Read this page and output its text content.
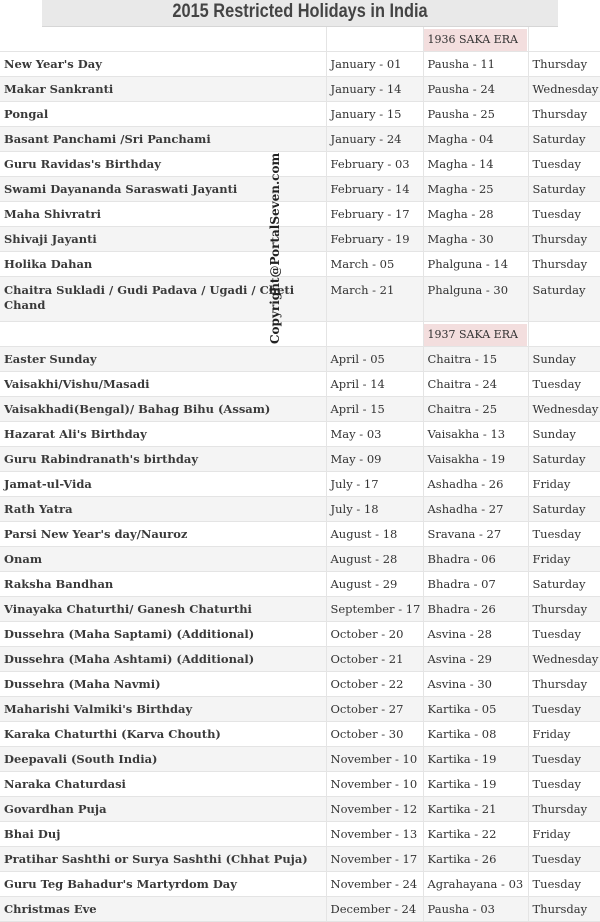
2015 Restricted Holidays in India
		1936 SAKA ERA	
New Year's Day	January - 01	Pausha - 11	Thursday
Makar Sankranti	January - 14	Pausha - 24	Wednesday
Pongal	January - 15	Pausha - 25	Thursday
Basant Panchami /Sri Panchami	January - 24	Magha - 04	Saturday
Guru Ravidas's Birthday	February - 03	Magha - 14	Tuesday
Swami Dayananda Saraswati Jayanti	February - 14	Magha - 25	Saturday
Maha Shivratri	February - 17	Magha - 28	Tuesday
Shivaji Jayanti	February - 19	Magha - 30	Thursday
Holika Dahan	March - 05	Phalguna - 14	Thursday
Chaitra Sukladi / Gudi Padava / Ugadi / Cheti Chand	March - 21	Phalguna - 30	Saturday
		1937 SAKA ERA	
Easter Sunday	April - 05	Chaitra - 15	Sunday
Vaisakhi/Vishu/Masadi	April - 14	Chaitra - 24	Tuesday
Vaisakhadi(Bengal)/ Bahag Bihu (Assam)	April - 15	Chaitra - 25	Wednesday
Hazarat Ali's Birthday	May - 03	Vaisakha - 13	Sunday
Guru Rabindranath's birthday	May - 09	Vaisakha - 19	Saturday
Jamat-ul-Vida	July - 17	Ashadha - 26	Friday
Rath Yatra	July - 18	Ashadha - 27	Saturday
Parsi New Year's day/Nauroz	August - 18	Sravana - 27	Tuesday
Onam	August - 28	Bhadra - 06	Friday
Raksha Bandhan	August - 29	Bhadra - 07	Saturday
Vinayaka Chaturthi/ Ganesh Chaturthi	September - 17	Bhadra - 26	Thursday
Dussehra (Maha Saptami) (Additional)	October - 20	Asvina - 28	Tuesday
Dussehra (Maha Ashtami) (Additional)	October - 21	Asvina - 29	Wednesday
Dussehra (Maha Navmi)	October - 22	Asvina - 30	Thursday
Maharishi Valmiki's Birthday	October - 27	Kartika - 05	Tuesday
Karaka Chaturthi (Karva Chouth)	October - 30	Kartika - 08	Friday
Deepavali (South India)	November - 10	Kartika - 19	Tuesday
Naraka Chaturdasi	November - 10	Kartika - 19	Tuesday
Govardhan Puja	November - 12	Kartika - 21	Thursday
Bhai Duj	November - 13	Kartika - 22	Friday
Pratihar Sashthi or Surya Sashthi (Chhat Puja)	November - 17	Kartika - 26	Tuesday
Guru Teg Bahadur's Martyrdom Day	November - 24	Agrahayana - 03	Tuesday
Christmas Eve	December - 24	Pausha - 03	Thursday
Copyright@PortalSeven.com
